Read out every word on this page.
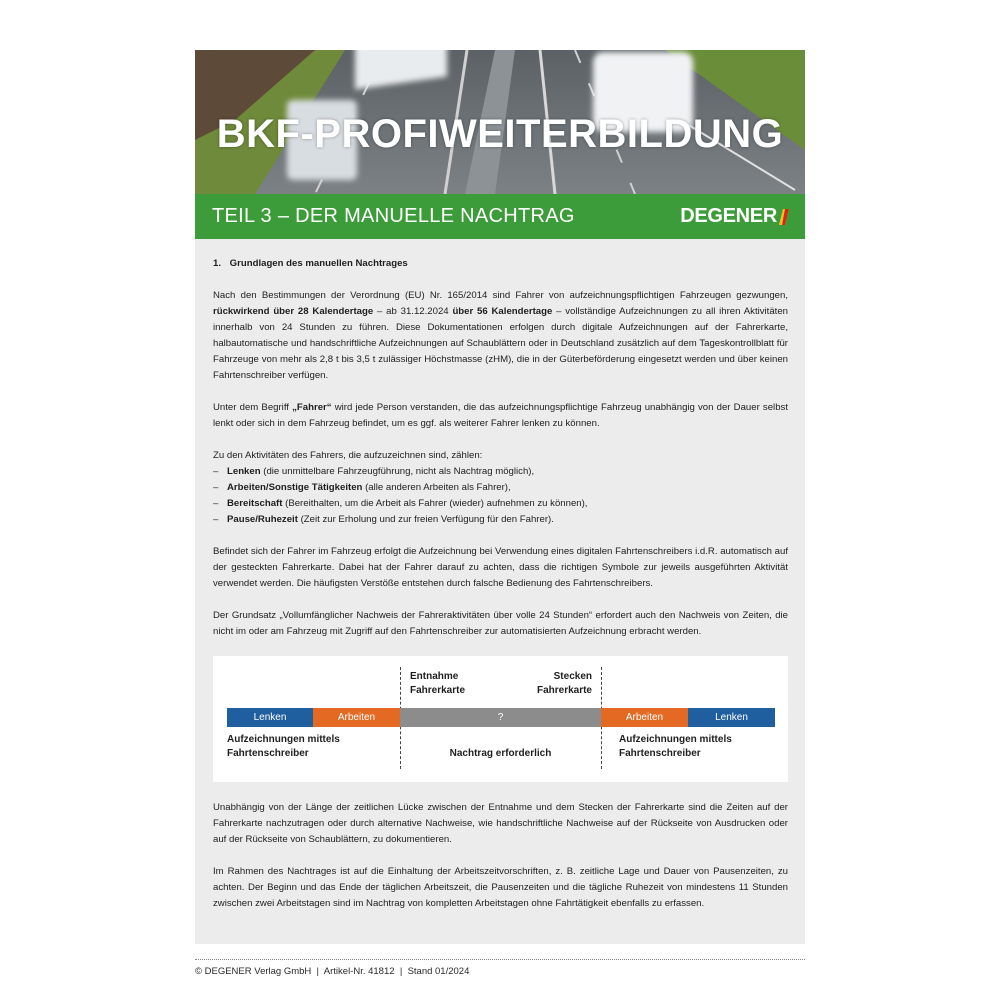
BKF-PROFIWEITERBILDUNG
TEIL 3 – DER MANUELLE NACHTRAG	DEGENER
1. Grundlagen des manuellen Nachtrages

Nach den Bestimmungen der Verordnung (EU) Nr. 165/2014 sind Fahrer von aufzeichnungspflichtigen Fahrzeugen gezwungen, rückwirkend über 28 Kalendertage – ab 31.12.2024 über 56 Kalendertage – vollständige Aufzeichnungen zu all ihren Aktivitäten innerhalb von 24 Stunden zu führen. Diese Dokumentationen erfolgen durch digitale Aufzeichnungen auf der Fahrerkarte, halbautomatische und handschriftliche Aufzeichnungen auf Schaublättern oder in Deutschland zusätzlich auf dem Tageskontrollblatt für Fahrzeuge von mehr als 2,8 t bis 3,5 t zulässiger Höchstmasse (zHM), die in der Güterbeförderung eingesetzt werden und über keinen Fahrtenschreiber verfügen.

Unter dem Begriff „Fahrer“ wird jede Person verstanden, die das aufzeichnungspflichtige Fahrzeug unabhängig von der Dauer selbst lenkt oder sich in dem Fahrzeug befindet, um es ggf. als weiterer Fahrer lenken zu können.

Zu den Aktivitäten des Fahrers, die aufzuzeichnen sind, zählen:
– Lenken (die unmittelbare Fahrzeugführung, nicht als Nachtrag möglich),
– Arbeiten/Sonstige Tätigkeiten (alle anderen Arbeiten als Fahrer),
– Bereitschaft (Bereithalten, um die Arbeit als Fahrer (wieder) aufnehmen zu können),
– Pause/Ruhezeit (Zeit zur Erholung und zur freien Verfügung für den Fahrer).

Befindet sich der Fahrer im Fahrzeug erfolgt die Aufzeichnung bei Verwendung eines digitalen Fahrtenschreibers i.d.R. automatisch auf der gesteckten Fahrerkarte. Dabei hat der Fahrer darauf zu achten, dass die richtigen Symbole zur jeweils ausgeführten Aktivität verwendet werden. Die häufigsten Verstöße entstehen durch falsche Bedienung des Fahrtenschreibers.

Der Grundsatz „Vollumfänglicher Nachweis der Fahreraktivitäten über volle 24 Stunden“ erfordert auch den Nachweis von Zeiten, die nicht im oder am Fahrzeug mit Zugriff auf den Fahrtenschreiber zur automatisierten Aufzeichnung erbracht werden.

Entnahme
Fahrerkarte
Stecken
Fahrerkarte
Lenken	Arbeiten	?	Arbeiten	Lenken
Aufzeichnungen mittels
Fahrtenschreiber	Nachtrag erforderlich
Aufzeichnungen mittels
Fahrtenschreiber

Unabhängig von der Länge der zeitlichen Lücke zwischen der Entnahme und dem Stecken der Fahrerkarte sind die Zeiten auf der Fahrerkarte nachzutragen oder durch alternative Nachweise, wie handschriftliche Nachweise auf der Rückseite von Ausdrucken oder auf der Rückseite von Schaublättern, zu dokumentieren.

Im Rahmen des Nachtrages ist auf die Einhaltung der Arbeitszeitvorschriften, z. B. zeitliche Lage und Dauer von Pausenzeiten, zu achten. Der Beginn und das Ende der täglichen Arbeitszeit, die Pausenzeiten und die tägliche Ruhezeit von mindestens 11 Stunden zwischen zwei Arbeitstagen sind im Nachtrag von kompletten Arbeitstagen ohne Fahrtätigkeit ebenfalls zu erfassen.

© DEGENER Verlag GmbH  |  Artikel-Nr. 41812  |  Stand 01/2024
